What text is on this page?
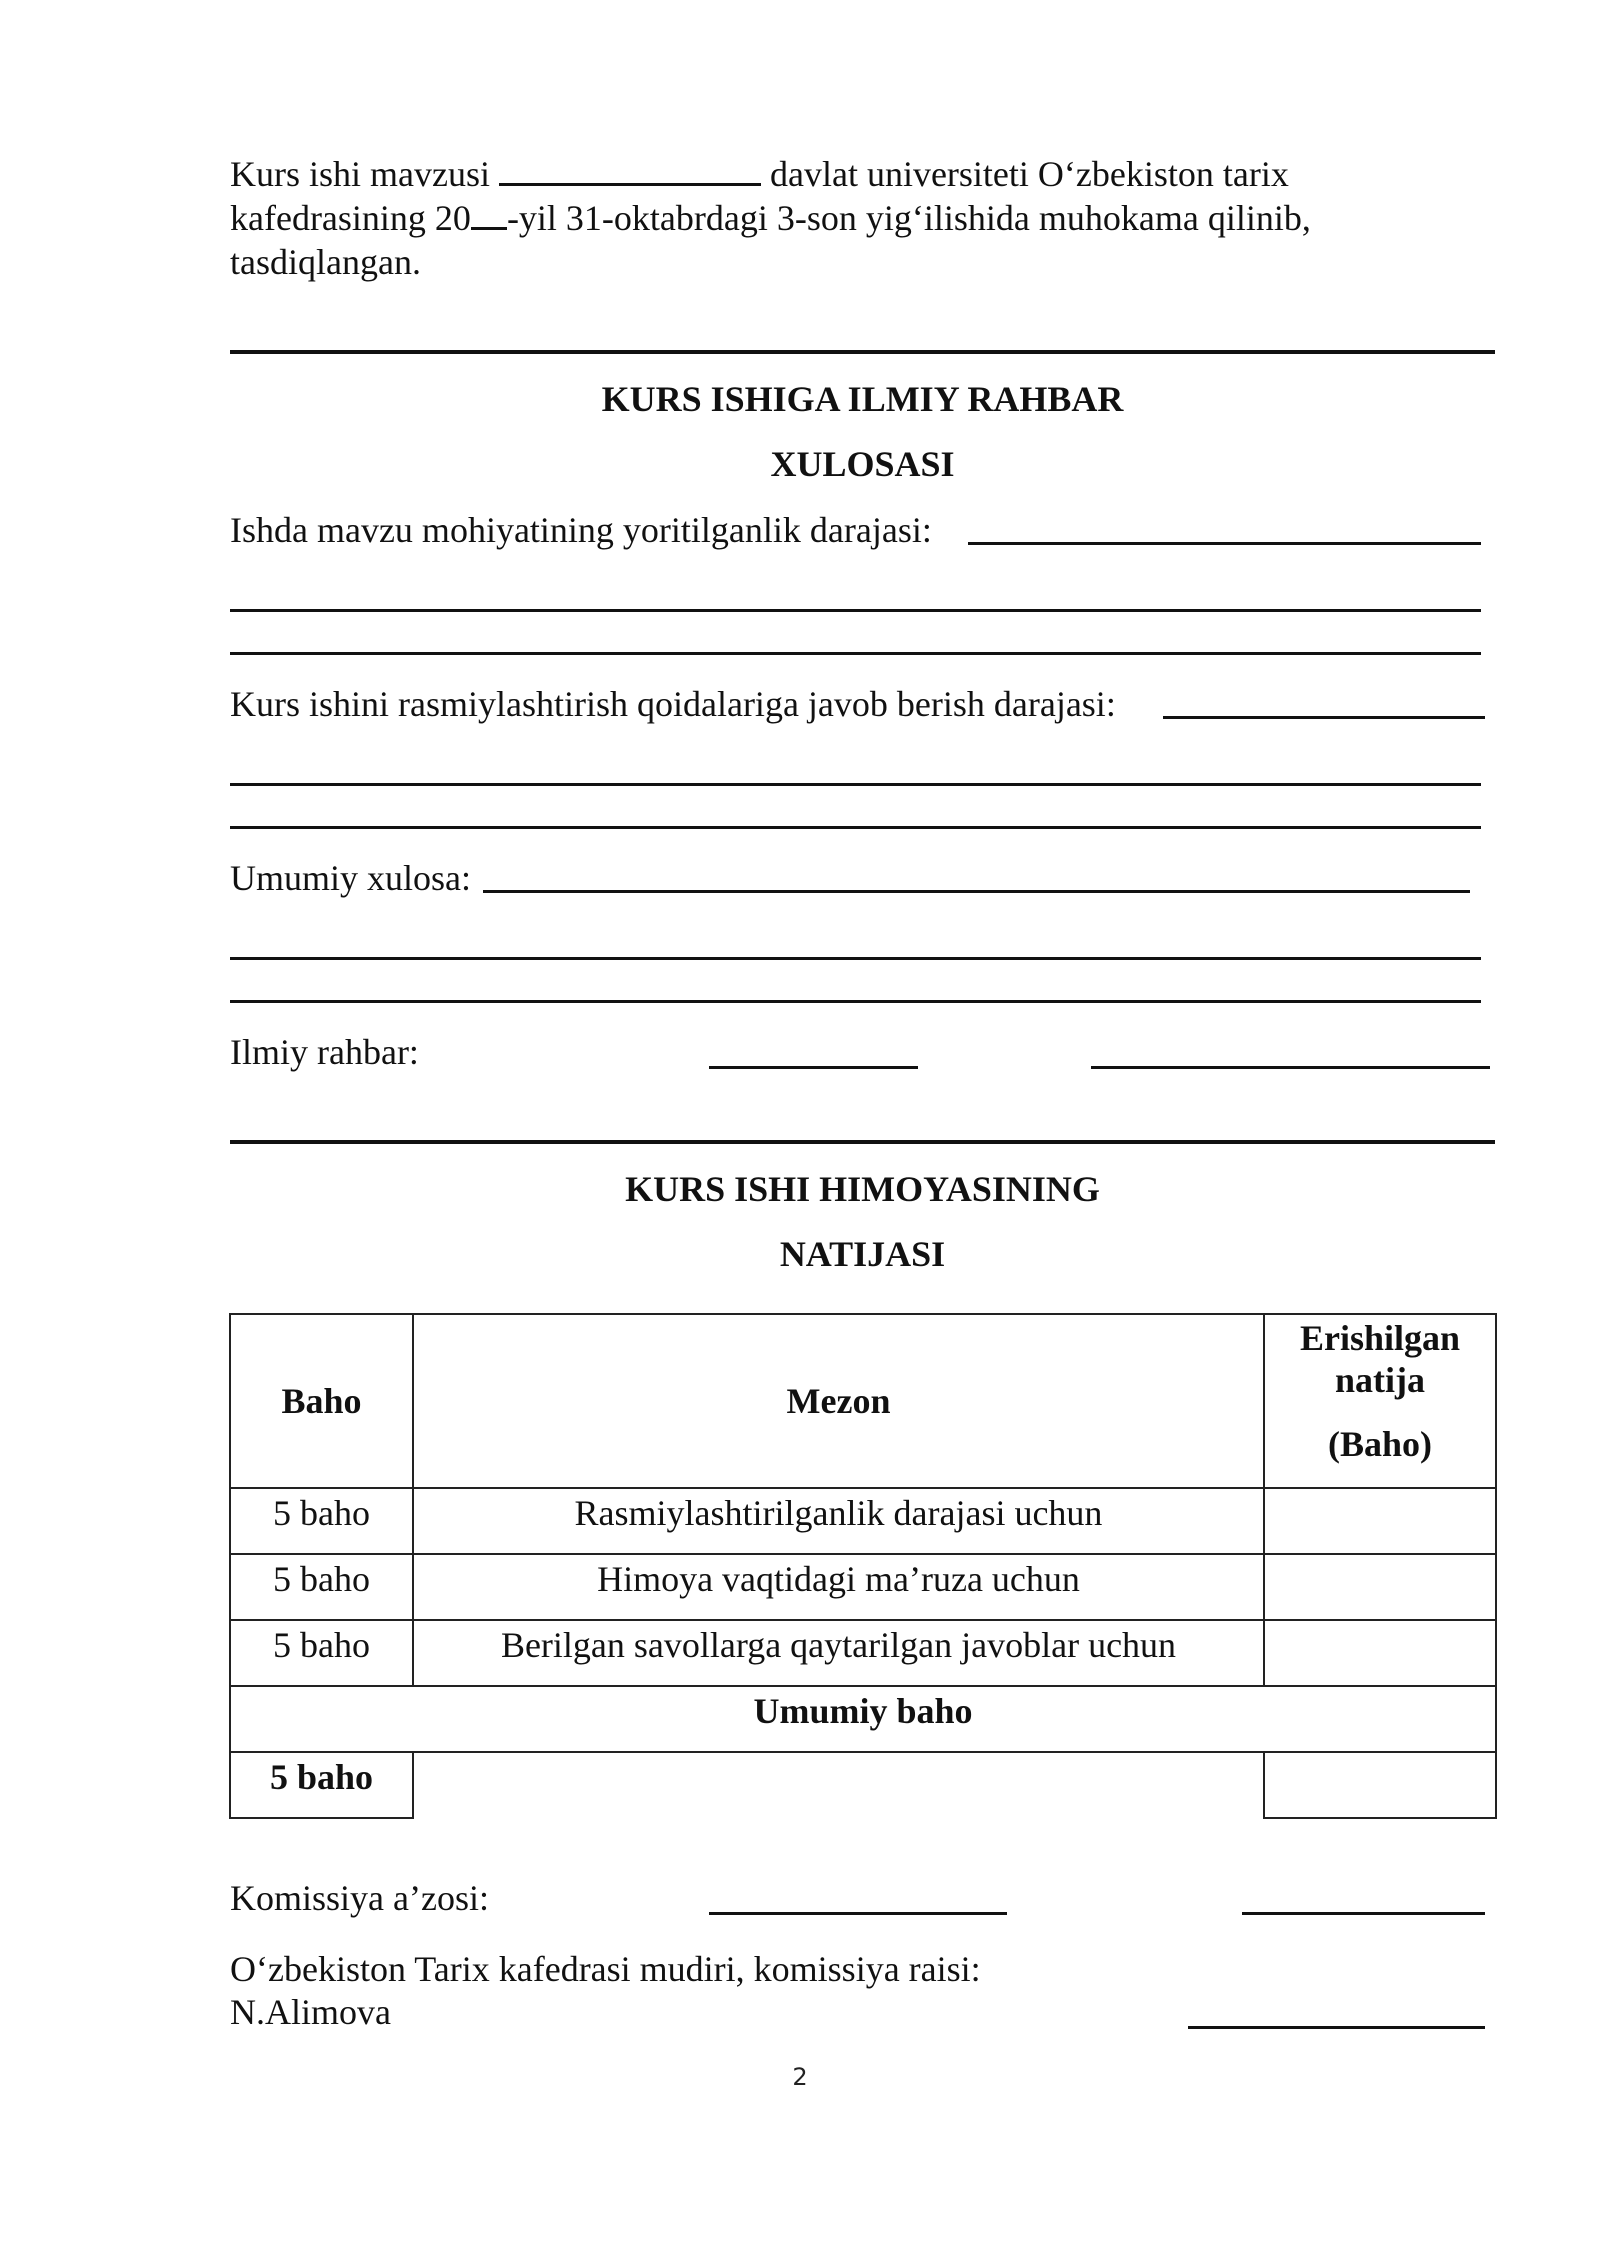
Kurs ishi mavzusi	davlat universiteti O‘zbekiston tarix kafedrasining 20 -yil 31-oktabrdagi 3-son yig‘ilishida muhokama qilinib, tasdiqlangan.

KURS ISHIGA ILMIY RAHBAR

XULOSASI

Ishda mavzu mohiyatining yoritilganlik darajasi:
Kurs ishini rasmiylashtirish qoidalariga javob berish darajasi:
Umumiy xulosa:
Ilmiy rahbar:

KURS ISHI HIMOYASINING

NATIJASI

Baho	Mezon	Erishilgan natija
(Baho)

5 baho	Rasmiylashtirilganlik darajasi uchun	
5 baho	Himoya vaqtidagi ma’ruza uchun	
5 baho	Berilgan savollarga qaytarilgan javoblar uchun	
Umumiy baho		
5 baho		
Komissiya a’zosi:
O‘zbekiston Tarix kafedrasi mudiri, komissiya raisi:
N.Alimova
2
